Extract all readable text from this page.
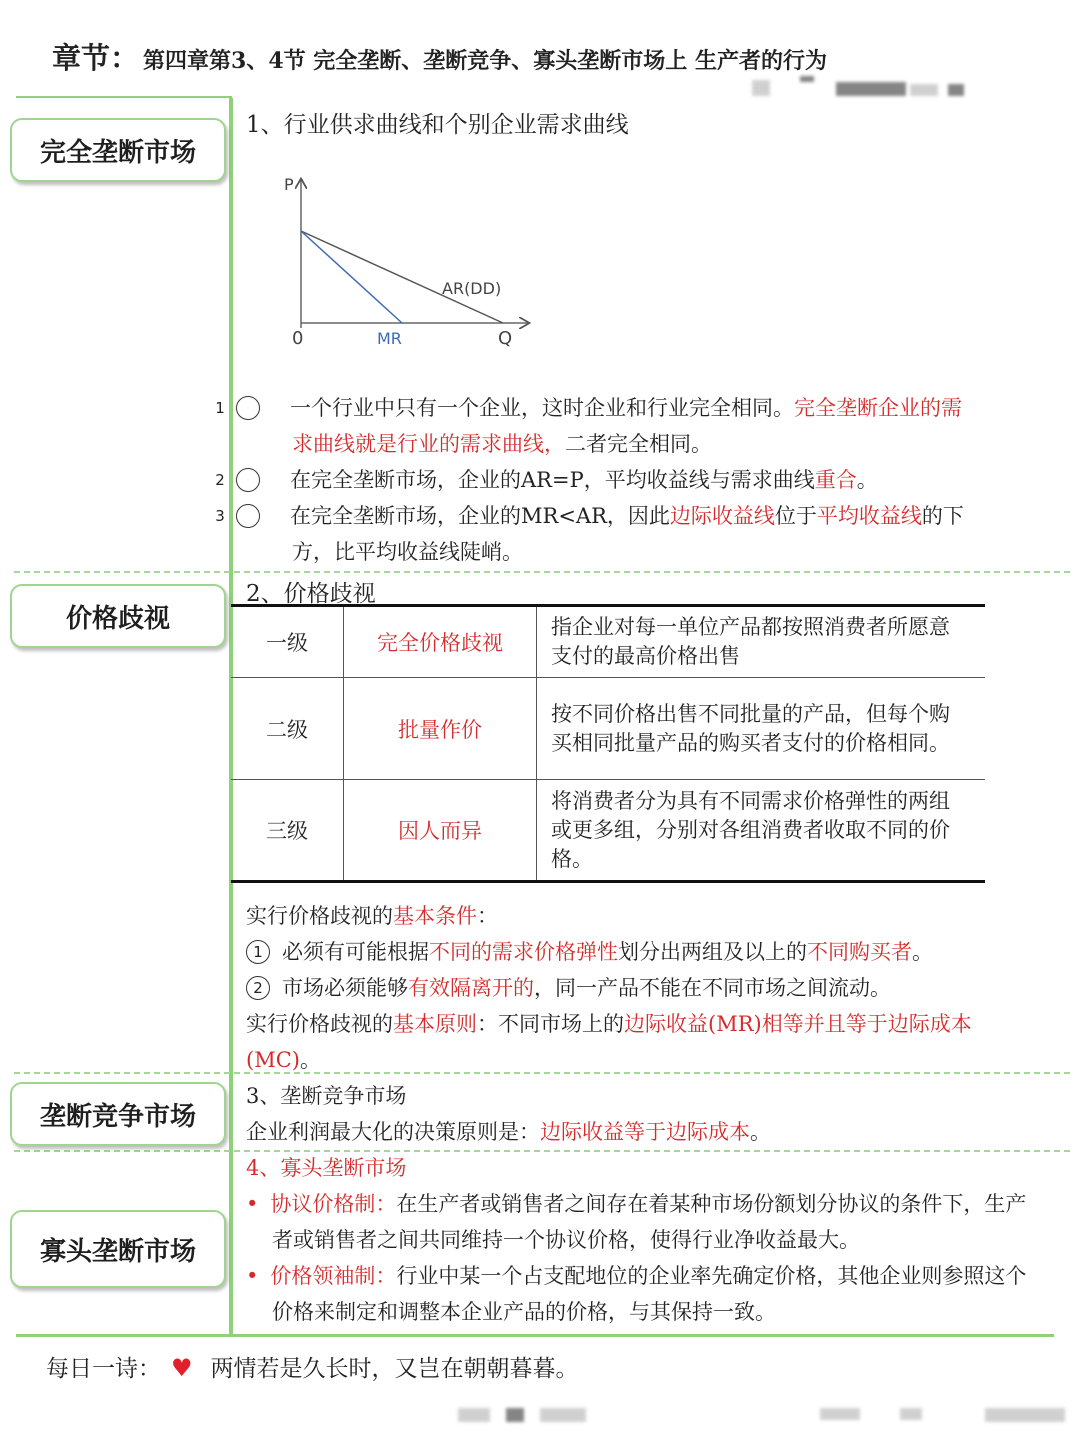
章节： 第四章第3、4节 完全垄断、垄断竞争、寡头垄断市场上 生产者的行为
完全垄断市场
价格歧视
垄断竞争市场
寡头垄断市场
1、行业供求曲线和个别企业需求曲线
P
0	Q
AR(DD)
MR
1	一个行业中只有一个企业，这时企业和行业完全相同。完全垄断企业的需求曲线就是行业的需求曲线，二者完全相同。
2	在完全垄断市场，企业的AR=P，平均收益线与需求曲线重合。
3	在完全垄断市场，企业的MR<AR，因此边际收益线位于平均收益线的下方，比平均收益线陡峭。
2、价格歧视
一级	完全价格歧视	指企业对每一单位产品都按照消费者所愿意支付的最高价格出售
二级	批量作价	按不同价格出售不同批量的产品，但每个购买相同批量产品的购买者支付的价格相同。
三级	因人而异	将消费者分为具有不同需求价格弹性的两组或更多组，分别对各组消费者收取不同的价格。
实行价格歧视的基本条件：
1 必须有可能根据不同的需求价格弹性划分出两组及以上的不同购买者。
2 市场必须能够有效隔离开的，同一产品不能在不同市场之间流动。
实行价格歧视的基本原则：不同市场上的边际收益(MR)相等并且等于边际成本(MC)。
3、垄断竞争市场
企业利润最大化的决策原则是：边际收益等于边际成本。
4、寡头垄断市场
• 协议价格制：在生产者或销售者之间存在着某种市场份额划分协议的条件下，生产者或销售者之间共同维持一个协议价格，使得行业净收益最大。
• 价格领袖制：行业中某一个占支配地位的企业率先确定价格，其他企业则参照这个价格来制定和调整本企业产品的价格，与其保持一致。
每日一诗： ♥ 两情若是久长时，又岂在朝朝暮暮。
